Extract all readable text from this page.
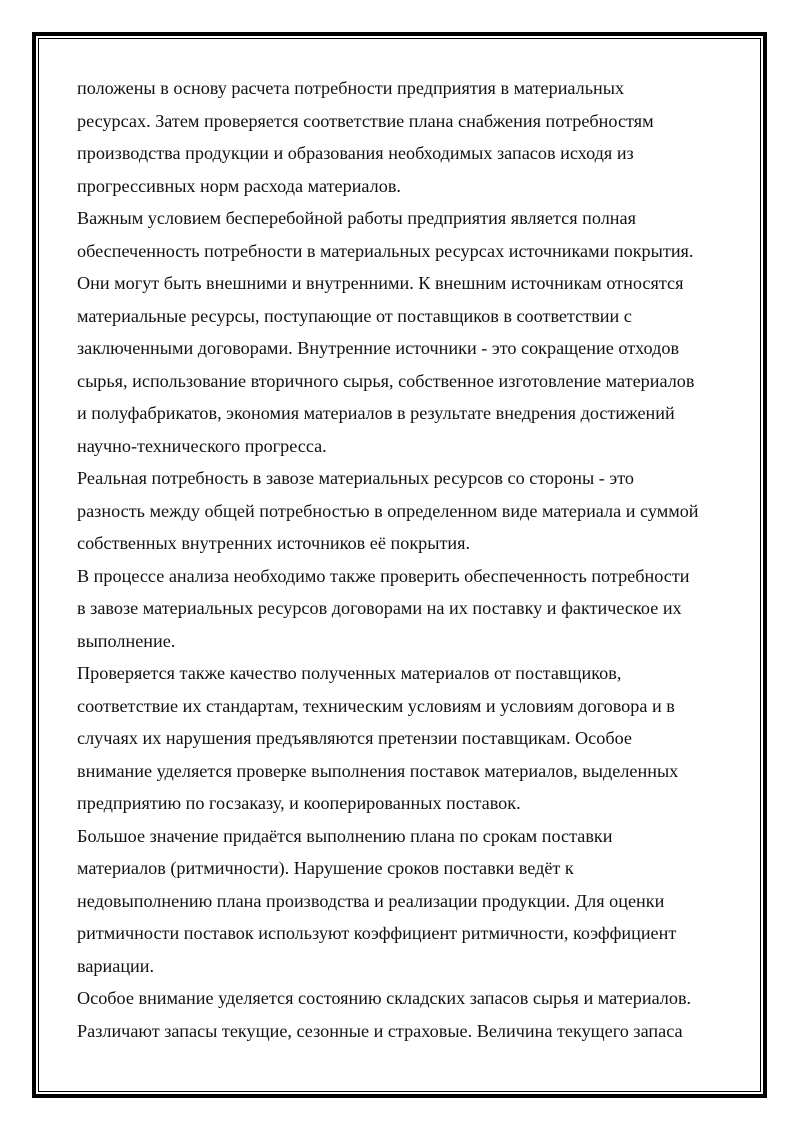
положены в основу расчета потребности предприятия в материальных
ресурсах. Затем проверяется соответствие плана снабжения потребностям
производства продукции и образования необходимых запасов исходя из
прогрессивных норм расхода материалов.
Важным условием бесперебойной работы предприятия является полная
обеспеченность потребности в материальных ресурсах источниками покрытия.
Они могут быть внешними и внутренними. К внешним источникам относятся
материальные ресурсы, поступающие от поставщиков в соответствии с
заключенными договорами. Внутренние источники - это сокращение отходов
сырья, использование вторичного сырья, собственное изготовление материалов
и полуфабрикатов, экономия материалов в результате внедрения достижений
научно-технического прогресса.
Реальная потребность в завозе материальных ресурсов со стороны - это
разность между общей потребностью в определенном виде материала и суммой
собственных внутренних источников её покрытия.
В процессе анализа необходимо также проверить обеспеченность потребности
в завозе материальных ресурсов договорами на их поставку и фактическое их
выполнение.
Проверяется также качество полученных материалов от поставщиков,
соответствие их стандартам, техническим условиям и условиям договора и в
случаях их нарушения предъявляются претензии поставщикам. Особое
внимание уделяется проверке выполнения поставок материалов, выделенных
предприятию по госзаказу, и кооперированных поставок.
Большое значение придаётся выполнению плана по срокам поставки
материалов (ритмичности). Нарушение сроков поставки ведёт к
недовыполнению плана производства и реализации продукции. Для оценки
ритмичности поставок используют коэффициент ритмичности, коэффициент
вариации.
Особое внимание уделяется состоянию складских запасов сырья и материалов.
Различают запасы текущие, сезонные и страховые. Величина текущего запаса
